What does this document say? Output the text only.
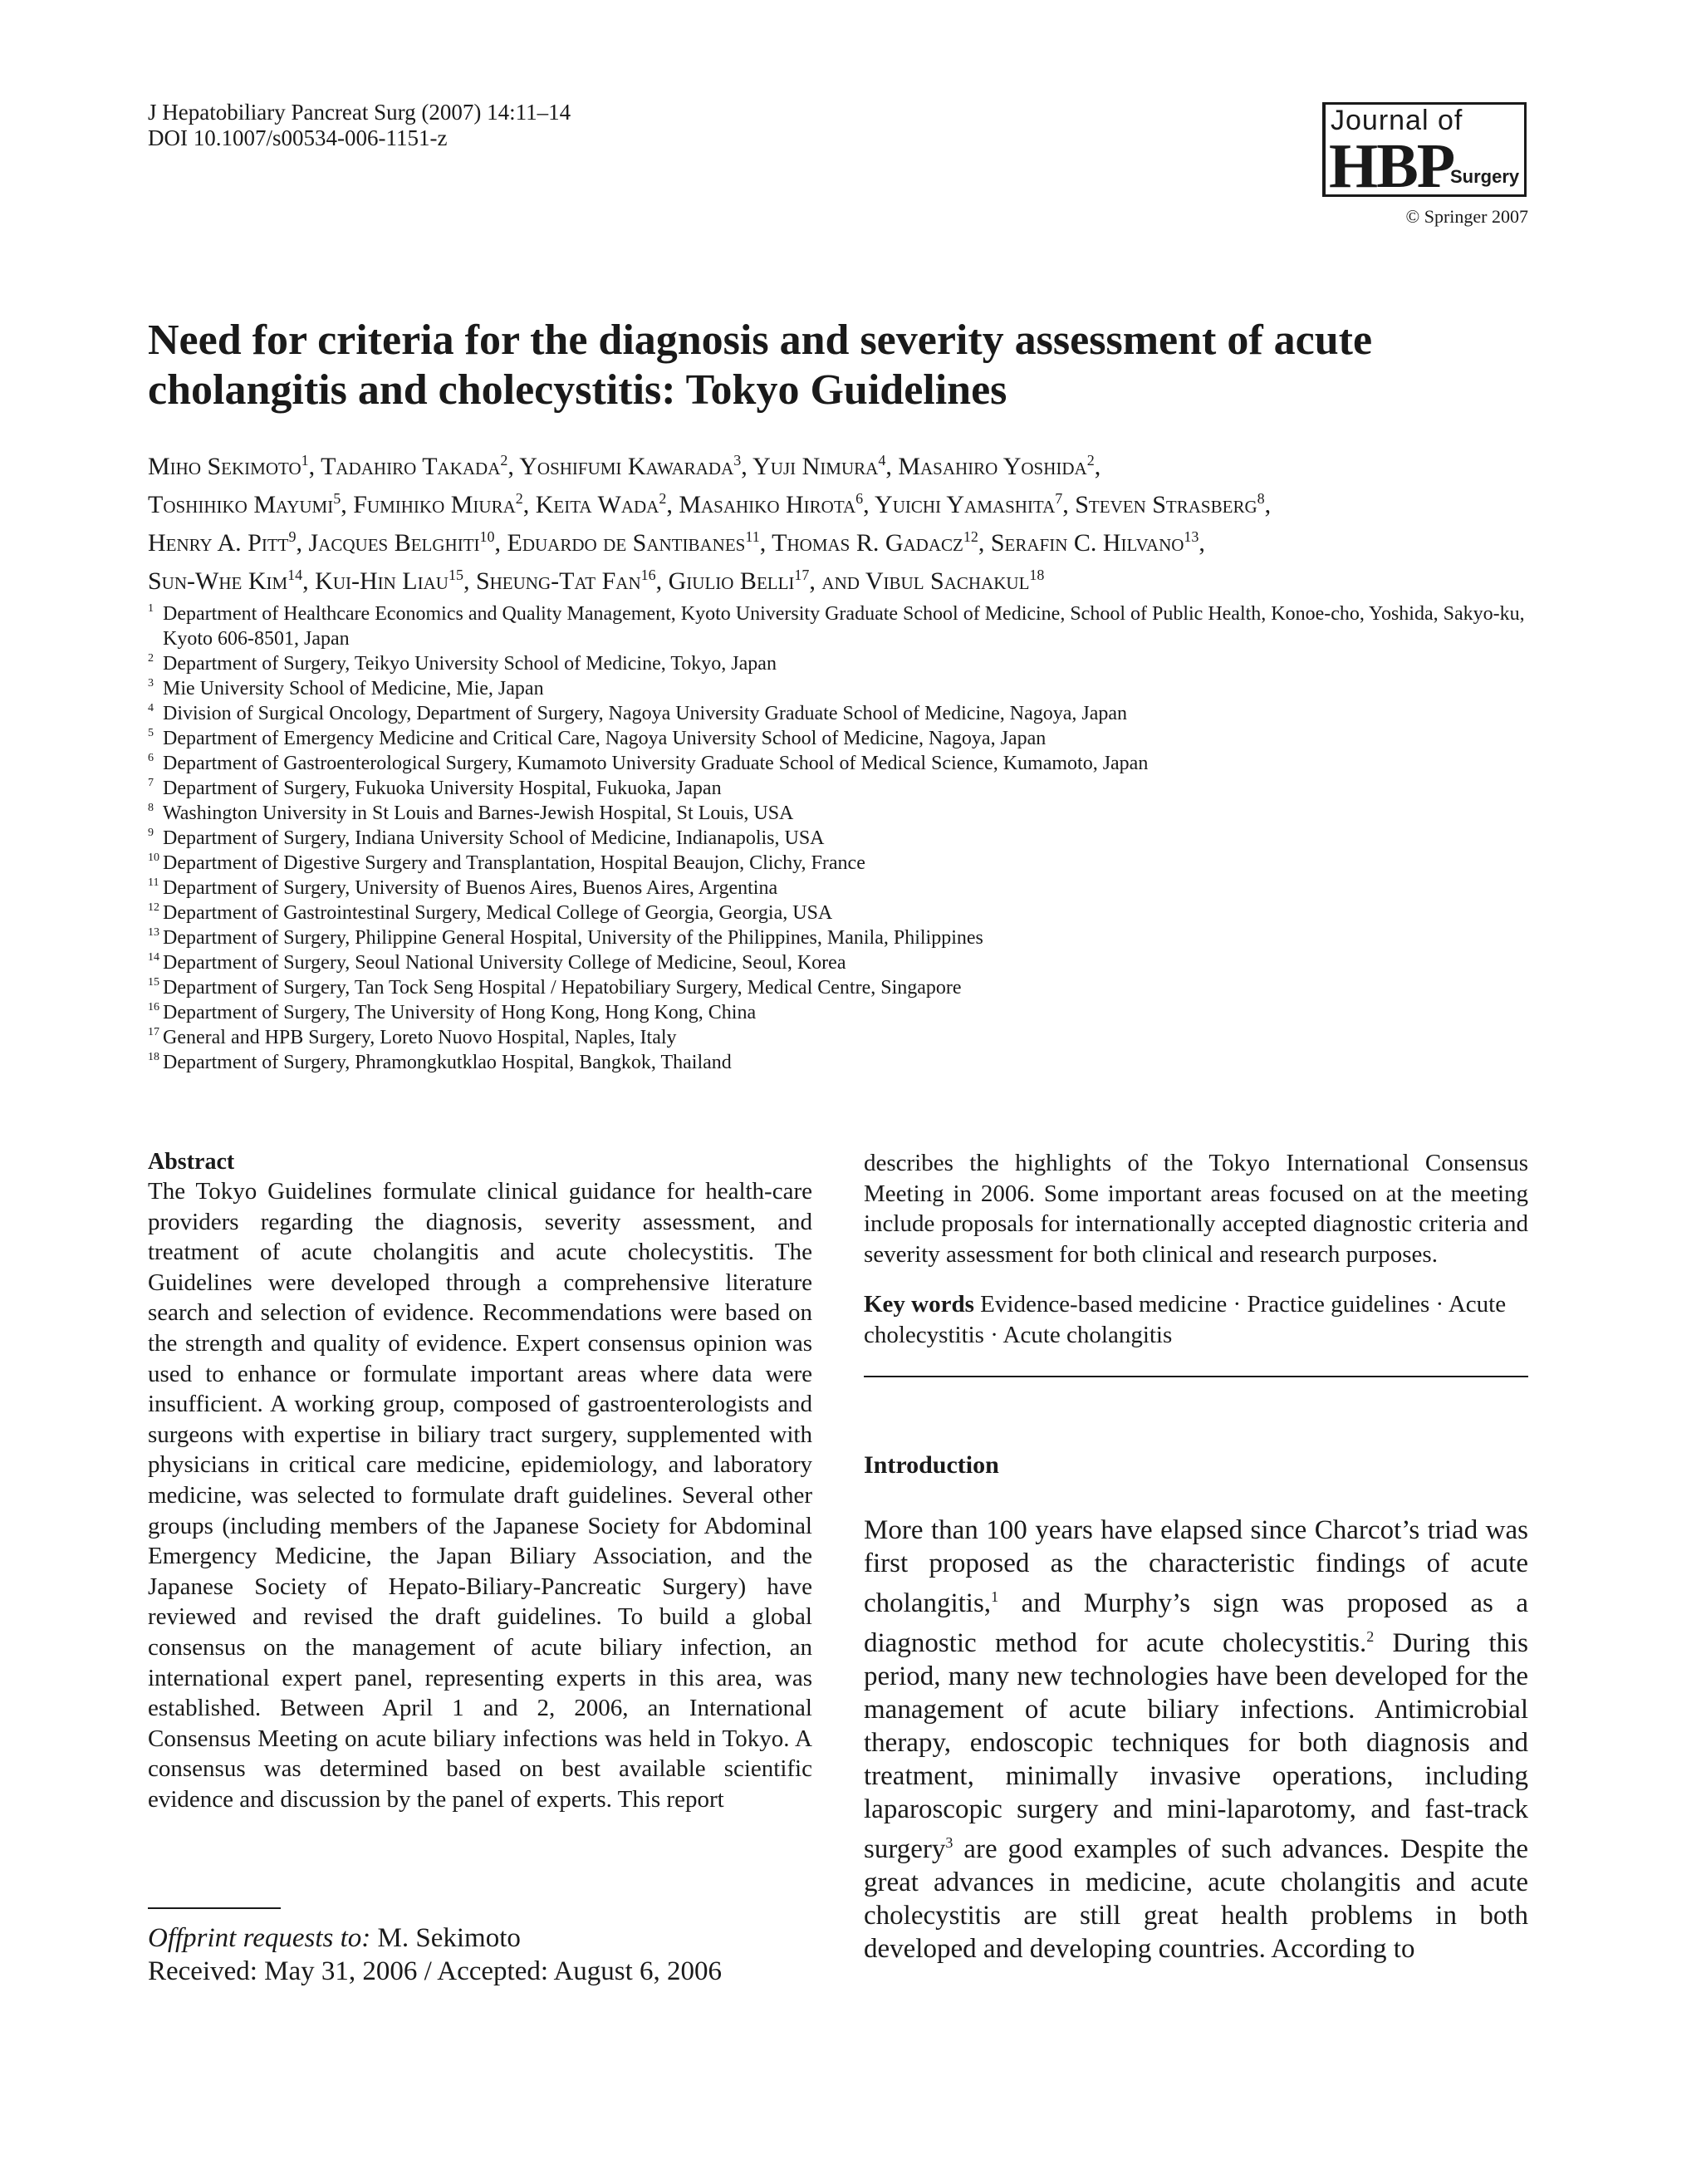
J Hepatobiliary Pancreat Surg (2007) 14:11–14
DOI 10.1007/s00534-006-1151-z
Journal of
HBP
Surgery
© Springer 2007
Need for criteria for the diagnosis and severity assessment of acute cholangitis and cholecystitis: Tokyo Guidelines
Miho Sekimoto$^1$, Tadahiro Takada$^2$, Yoshifumi Kawarada$^3$, Yuji Nimura$^4$, Masahiro Yoshida$^2$,
Toshihiko Mayumi$^5$, Fumihiko Miura$^2$, Keita Wada$^2$, Masahiko Hirota$^6$, Yuichi Yamashita$^7$, Steven Strasberg$^8$,
Henry A. Pitt$^9$, Jacques Belghiti$^{10}$, Eduardo de Santibanes$^{11}$, Thomas R. Gadacz$^{12}$, Serafin C. Hilvano$^{13}$,
Sun-Whe Kim$^{14}$, Kui-Hin Liau$^{15}$, Sheung-Tat Fan$^{16}$, Giulio Belli$^{17}$, and Vibul Sachakul$^{18}$
1 Department of Healthcare Economics and Quality Management, Kyoto University Graduate School of Medicine, School of Public Health, Konoe-cho, Yoshida, Sakyo-ku, Kyoto 606-8501, Japan
2 Department of Surgery, Teikyo University School of Medicine, Tokyo, Japan
3 Mie University School of Medicine, Mie, Japan
4 Division of Surgical Oncology, Department of Surgery, Nagoya University Graduate School of Medicine, Nagoya, Japan
5 Department of Emergency Medicine and Critical Care, Nagoya University School of Medicine, Nagoya, Japan
6 Department of Gastroenterological Surgery, Kumamoto University Graduate School of Medical Science, Kumamoto, Japan
7 Department of Surgery, Fukuoka University Hospital, Fukuoka, Japan
8 Washington University in St Louis and Barnes-Jewish Hospital, St Louis, USA
9 Department of Surgery, Indiana University School of Medicine, Indianapolis, USA
10 Department of Digestive Surgery and Transplantation, Hospital Beaujon, Clichy, France
11 Department of Surgery, University of Buenos Aires, Buenos Aires, Argentina
12 Department of Gastrointestinal Surgery, Medical College of Georgia, Georgia, USA
13 Department of Surgery, Philippine General Hospital, University of the Philippines, Manila, Philippines
14 Department of Surgery, Seoul National University College of Medicine, Seoul, Korea
15 Department of Surgery, Tan Tock Seng Hospital / Hepatobiliary Surgery, Medical Centre, Singapore
16 Department of Surgery, The University of Hong Kong, Hong Kong, China
17 General and HPB Surgery, Loreto Nuovo Hospital, Naples, Italy
18 Department of Surgery, Phramongkutklao Hospital, Bangkok, Thailand
Abstract

The Tokyo Guidelines formulate clinical guidance for health-care providers regarding the diagnosis, severity assessment, and treatment of acute cholangitis and acute cholecystitis. The Guidelines were developed through a comprehensive literature search and selection of evidence. Recommendations were based on the strength and quality of evidence. Expert consensus opinion was used to enhance or formulate important areas where data were insufficient. A working group, composed of gastroenterologists and surgeons with expertise in biliary tract surgery, supplemented with physicians in critical care medicine, epidemiology, and laboratory medicine, was selected to formulate draft guidelines. Several other groups (including members of the Japanese Society for Abdominal Emergency Medicine, the Japan Biliary Association, and the Japanese Society of Hepato-Biliary-Pancreatic Surgery) have reviewed and revised the draft guidelines. To build a global consensus on the management of acute biliary infection, an international expert panel, representing experts in this area, was established. Between April 1 and 2, 2006, an International Consensus Meeting on acute biliary infections was held in Tokyo. A consensus was determined based on best available scientific evidence and discussion by the panel of experts. This report

describes the highlights of the Tokyo International Consensus Meeting in 2006. Some important areas focused on at the meeting include proposals for internationally accepted diagnostic criteria and severity assessment for both clinical and research purposes.

Key words Evidence-based medicine · Practice guidelines · Acute cholecystitis · Acute cholangitis

Introduction

More than 100 years have elapsed since Charcot’s triad was first proposed as the characteristic findings of acute cholangitis,$^1$ and Murphy’s sign was proposed as a diagnostic method for acute cholecystitis.$^2$ During this period, many new technologies have been developed for the management of acute biliary infections. Antimicrobial therapy, endoscopic techniques for both diagnosis and treatment, minimally invasive operations, including laparoscopic surgery and mini-laparotomy, and fast-track surgery$^3$ are good examples of such advances. Despite the great advances in medicine, acute cholangitis and acute cholecystitis are still great health problems in both developed and developing countries. According to

Offprint requests to: M. Sekimoto
Received: May 31, 2006 / Accepted: August 6, 2006
